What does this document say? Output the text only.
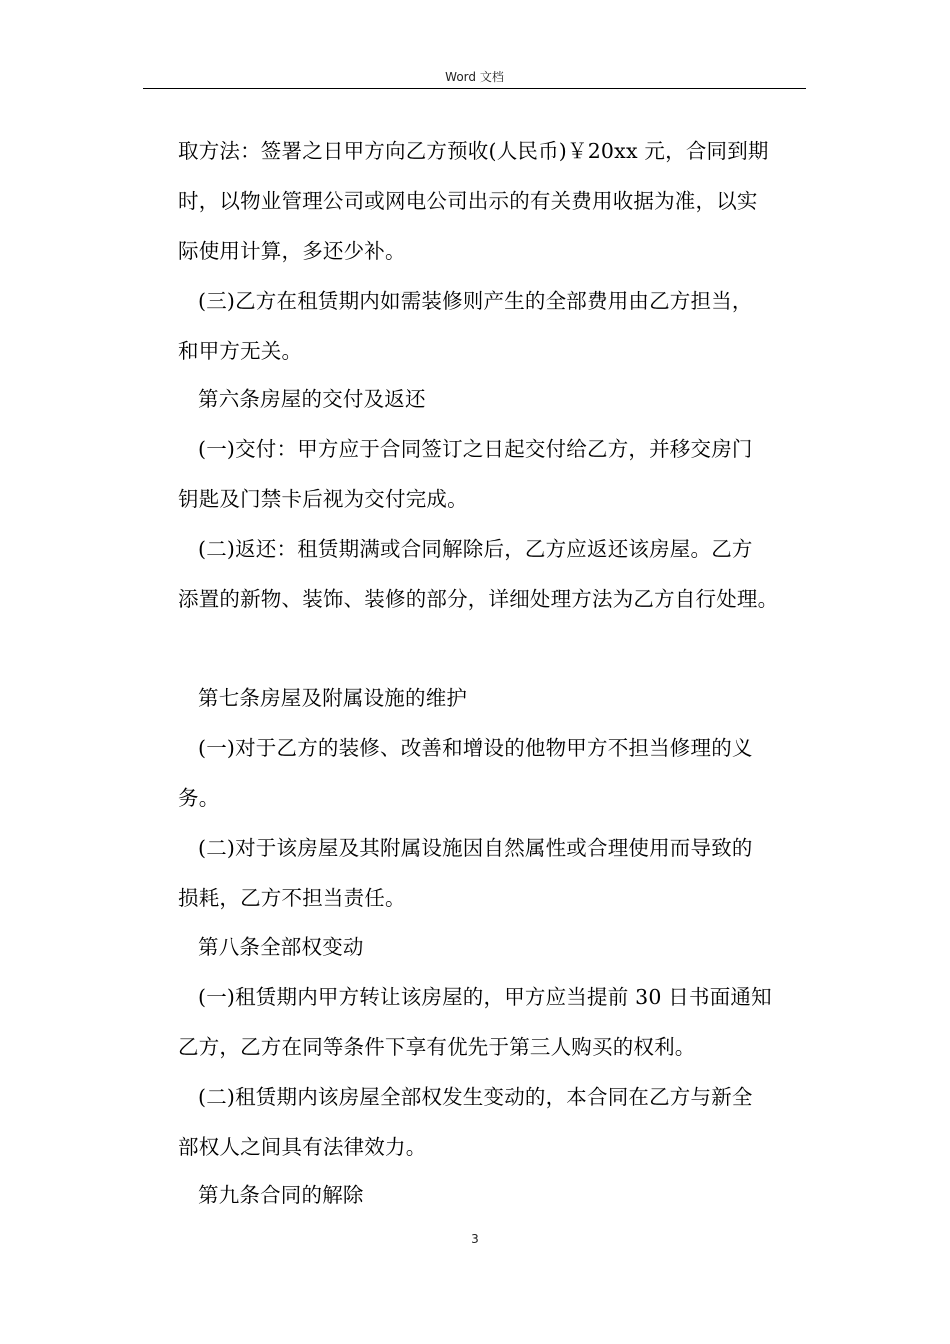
Word 文档
取方法：签署之日甲方向乙方预收(人民币)￥20xx 元，合同到期
时，以物业管理公司或网电公司出示的有关费用收据为准，以实
际使用计算，多还少补。
(三)乙方在租赁期内如需装修则产生的全部费用由乙方担当，
和甲方无关。
第六条房屋的交付及返还
(一)交付：甲方应于合同签订之日起交付给乙方，并移交房门
钥匙及门禁卡后视为交付完成。
(二)返还：租赁期满或合同解除后，乙方应返还该房屋。乙方
添置的新物、装饰、装修的部分，详细处理方法为乙方自行处理。
第七条房屋及附属设施的维护
(一)对于乙方的装修、改善和增设的他物甲方不担当修理的义
务。
(二)对于该房屋及其附属设施因自然属性或合理使用而导致的
损耗，乙方不担当责任。
第八条全部权变动
(一)租赁期内甲方转让该房屋的，甲方应当提前 30 日书面通知
乙方，乙方在同等条件下享有优先于第三人购买的权利。
(二)租赁期内该房屋全部权发生变动的，本合同在乙方与新全
部权人之间具有法律效力。
第九条合同的解除
3
